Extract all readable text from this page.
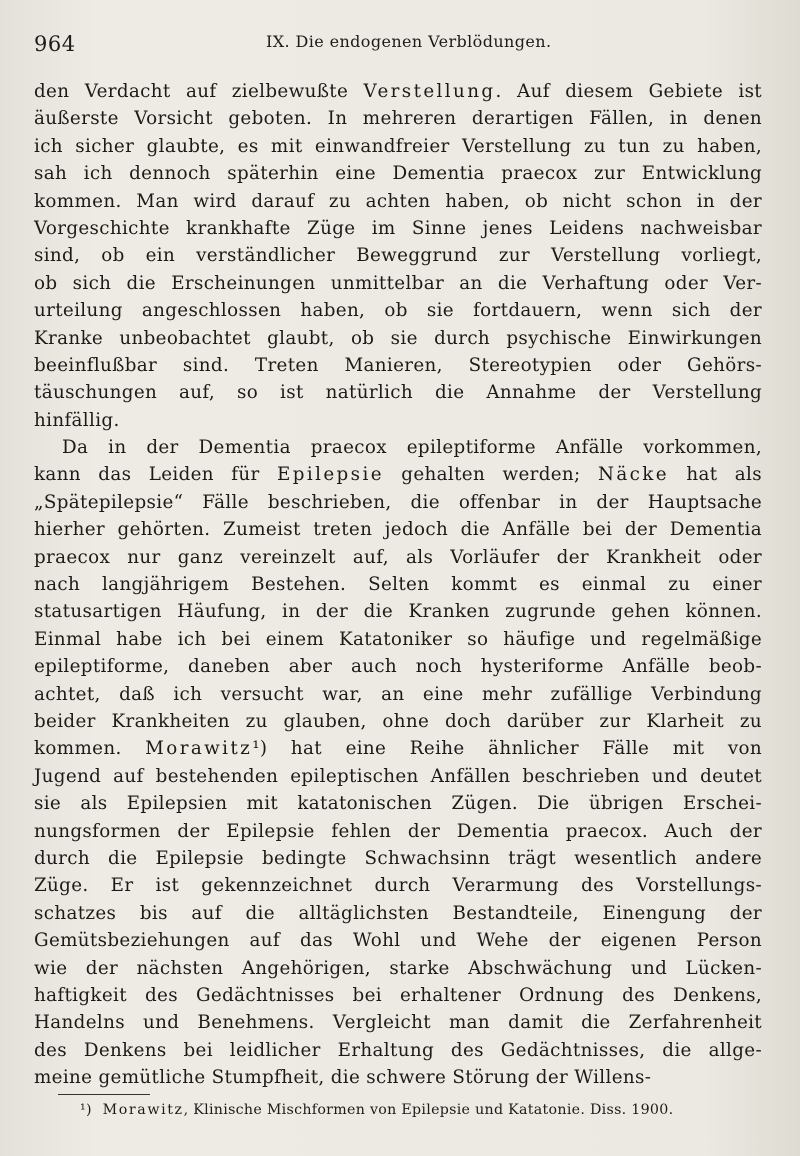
964	IX. Die endogenen Verblödungen.
den Verdacht auf zielbewußte Verstellung. Auf diesem Gebiete ist
äußerste Vorsicht geboten. In mehreren derartigen Fällen, in denen
ich sicher glaubte, es mit einwandfreier Verstellung zu tun zu haben,
sah ich dennoch späterhin eine Dementia praecox zur Entwicklung
kommen. Man wird darauf zu achten haben, ob nicht schon in der
Vorgeschichte krankhafte Züge im Sinne jenes Leidens nachweisbar
sind, ob ein verständlicher Beweggrund zur Verstellung vorliegt,
ob sich die Erscheinungen unmittelbar an die Verhaftung oder Ver-
urteilung angeschlossen haben, ob sie fortdauern, wenn sich der
Kranke unbeobachtet glaubt, ob sie durch psychische Einwirkungen
beeinflußbar sind. Treten Manieren, Stereotypien oder Gehörs-
täuschungen auf, so ist natürlich die Annahme der Verstellung
hinfällig.
Da in der Dementia praecox epileptiforme Anfälle vorkommen,
kann das Leiden für Epilepsie gehalten werden; Näcke hat als
„Spätepilepsie“ Fälle beschrieben, die offenbar in der Hauptsache
hierher gehörten. Zumeist treten jedoch die Anfälle bei der Dementia
praecox nur ganz vereinzelt auf, als Vorläufer der Krankheit oder
nach langjährigem Bestehen. Selten kommt es einmal zu einer
statusartigen Häufung, in der die Kranken zugrunde gehen können.
Einmal habe ich bei einem Katatoniker so häufige und regelmäßige
epileptiforme, daneben aber auch noch hysteriforme Anfälle beob-
achtet, daß ich versucht war, an eine mehr zufällige Verbindung
beider Krankheiten zu glauben, ohne doch darüber zur Klarheit zu
kommen. Morawitz¹) hat eine Reihe ähnlicher Fälle mit von
Jugend auf bestehenden epileptischen Anfällen beschrieben und deutet
sie als Epilepsien mit katatonischen Zügen. Die übrigen Erschei-
nungsformen der Epilepsie fehlen der Dementia praecox. Auch der
durch die Epilepsie bedingte Schwachsinn trägt wesentlich andere
Züge. Er ist gekennzeichnet durch Verarmung des Vorstellungs-
schatzes bis auf die alltäglichsten Bestandteile, Einengung der
Gemütsbeziehungen auf das Wohl und Wehe der eigenen Person
wie der nächsten Angehörigen, starke Abschwächung und Lücken-
haftigkeit des Gedächtnisses bei erhaltener Ordnung des Denkens,
Handelns und Benehmens. Vergleicht man damit die Zerfahrenheit
des Denkens bei leidlicher Erhaltung des Gedächtnisses, die allge-
meine gemütliche Stumpfheit, die schwere Störung der Willens-
¹) Morawitz, Klinische Mischformen von Epilepsie und Katatonie. Diss. 1900.
